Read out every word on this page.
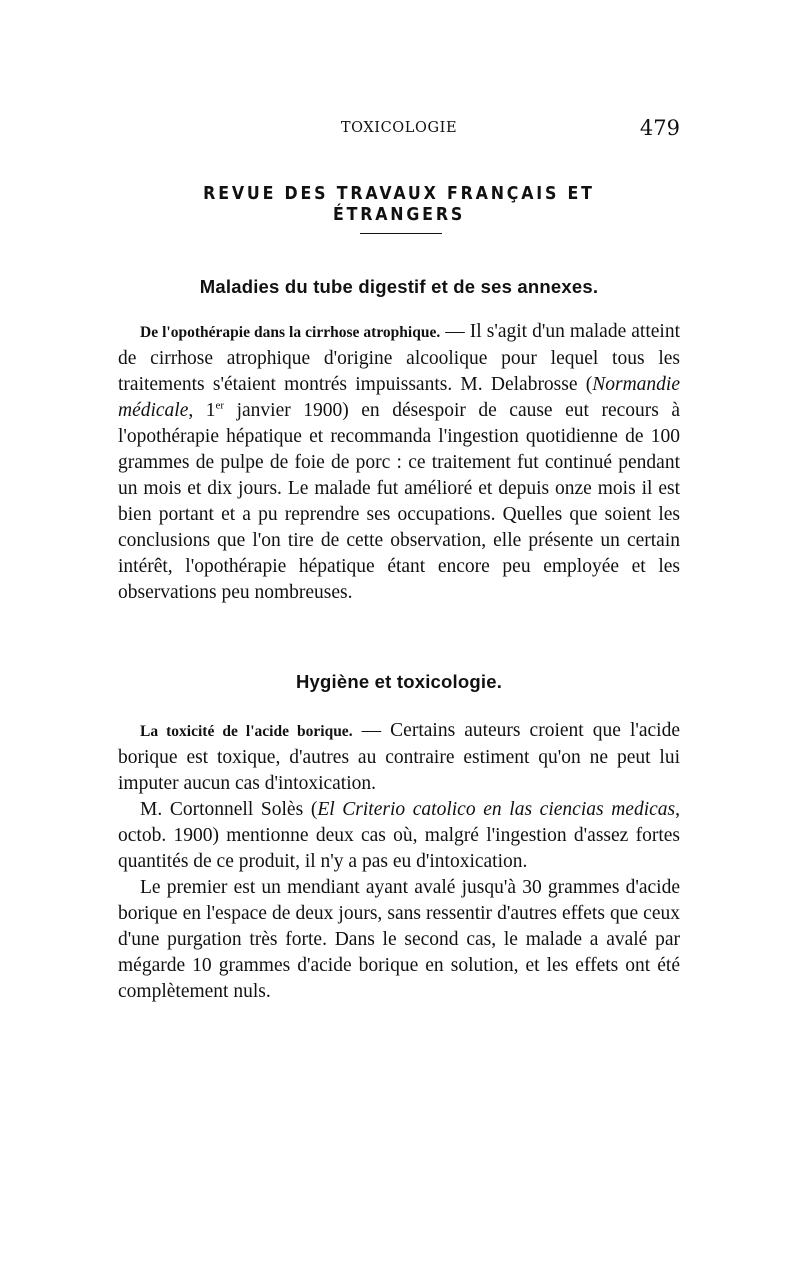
TOXICOLOGIE	479
REVUE DES TRAVAUX FRANÇAIS ET ÉTRANGERS
Maladies du tube digestif et de ses annexes.

De l'opothérapie dans la cirrhose atrophique. — Il s'agit d'un malade atteint de cirrhose atrophique d'origine alcoolique pour lequel tous les traitements s'étaient montrés impuissants. M. Delabrosse (Normandie médicale, 1er janvier 1900) en désespoir de cause eut recours à l'opothérapie hépatique et recommanda l'ingestion quotidienne de 100 grammes de pulpe de foie de porc : ce traitement fut continué pendant un mois et dix jours. Le malade fut amélioré et depuis onze mois il est bien portant et a pu reprendre ses occupations. Quelles que soient les conclusions que l'on tire de cette observation, elle présente un certain intérêt, l'opothérapie hépatique étant encore peu employée et les observations peu nombreuses.

Hygiène et toxicologie.

La toxicité de l'acide borique. — Certains auteurs croient que l'acide borique est toxique, d'autres au contraire estiment qu'on ne peut lui imputer aucun cas d'intoxication.

M. Cortonnell Solès (El Criterio catolico en las ciencias medicas, octob. 1900) mentionne deux cas où, malgré l'ingestion d'assez fortes quantités de ce produit, il n'y a pas eu d'intoxication.

Le premier est un mendiant ayant avalé jusqu'à 30 grammes d'acide borique en l'espace de deux jours, sans ressentir d'autres effets que ceux d'une purgation très forte. Dans le second cas, le malade a avalé par mégarde 10 grammes d'acide borique en solution, et les effets ont été complètement nuls.
